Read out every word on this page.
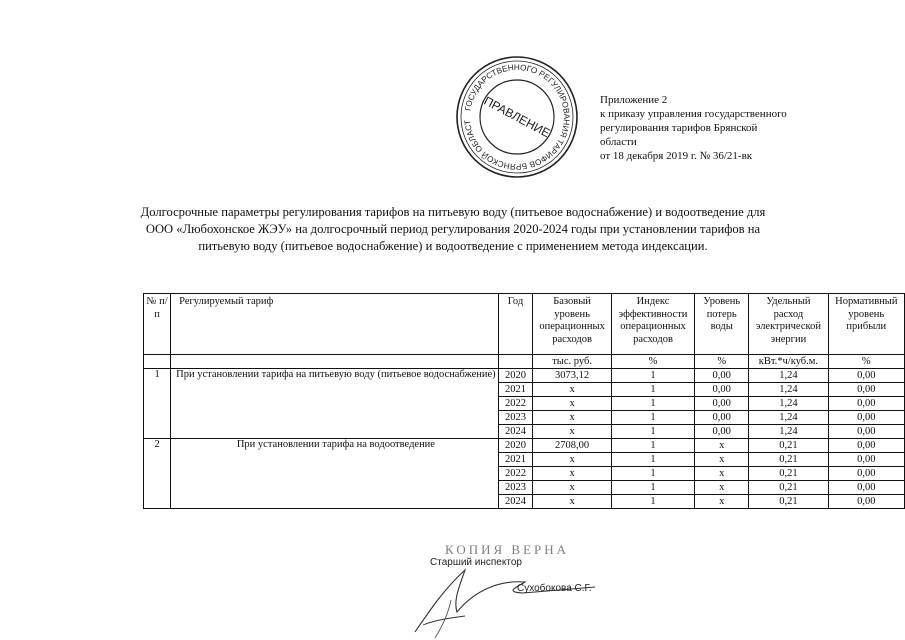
ГОСУДАРСТВЕННОГО РЕГУЛИРОВАНИЯ ТАРИФОВ БРЯНСКОЙ ОБЛАСТ ПРАВЛЕНИЕ	Приложение 2
к приказу управления государственного
регулирования тарифов Брянской
области
от 18 декабря 2019 г. № 36/21-вк
Долгосрочные параметры регулирования тарифов на питьевую воду (питьевое водоснабжение) и водоотведение для
ООО «Любохонское ЖЭУ» на долгосрочный период регулирования 2020-2024 годы при установлении тарифов на
питьевую воду (питьевое водоснабжение) и водоотведение с применением метода индексации.
№ п/п	Регулируемый тариф	Год	Базовый уровень операционных расходов	Индекс эффективности операционных расходов	Уровень потерь воды	Удельный расход электрической энергии	Нормативный уровень прибыли
			тыс. руб.	%	%	кВт.*ч/куб.м.	%
1	При установлении тарифа на питьевую воду (питьевое водоснабжение)	2020	3073,12	1	0,00	1,24	0,00
		2021	х	1	0,00	1,24	0,00
		2022	х	1	0,00	1,24	0,00
		2023	х	1	0,00	1,24	0,00
		2024	х	1	0,00	1,24	0,00
2	При установлении тарифа на водоотведение	2020	2708,00	1	х	0,21	0,00
		2021	х	1	х	0,21	0,00
		2022	х	1	х	0,21	0,00
		2023	х	1	х	0,21	0,00
		2024	х	1	х	0,21	0,00
КОПИЯ ВЕРНА
Старший инспектор
Сухобокова С.Г.
